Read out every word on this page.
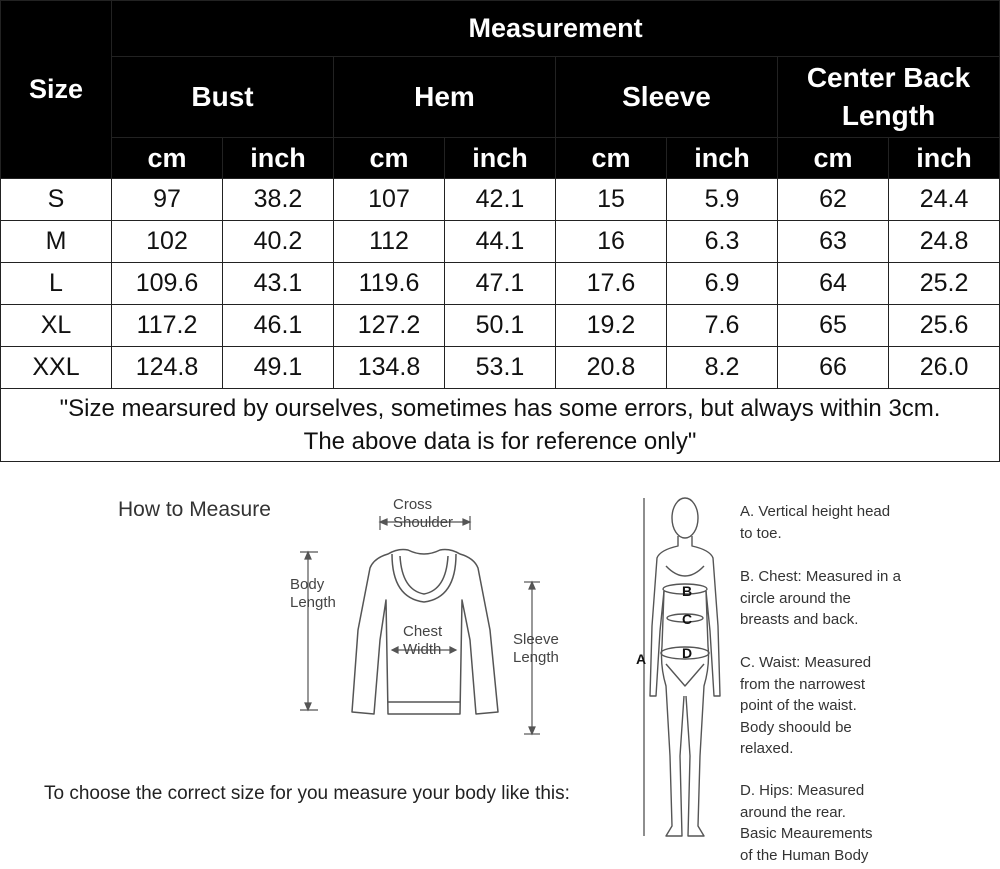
Size	Measurement							
	Bust		Hem		Sleeve		Center Back Length	
	cm	inch	cm	inch	cm	inch	cm	inch
S	97	38.2	107	42.1	15	5.9	62	24.4
M	102	40.2	112	44.1	16	6.3	63	24.8
L	109.6	43.1	119.6	47.1	17.6	6.9	64	25.2
XL	117.2	46.1	127.2	50.1	19.2	7.6	65	25.6
XXL	124.8	49.1	134.8	53.1	20.8	8.2	66	26.0

"Size mearsured by ourselves, sometimes has some errors, but always within 3cm.
The above data is for reference only"								
How to Measure	Cross
Shoulder
Body
Length
Chest
Width
Sleeve
Length
To choose the correct size for you measure your body like this:
A
B
C
D
A. Vertical height head
to toe.
B. Chest: Measured in a
circle around the
breasts and back.
C. Waist: Measured
from the narrowest
point of the waist.
Body shoould be
relaxed.
D. Hips: Measured
around the rear.
Basic Meaurements
of the Human Body
